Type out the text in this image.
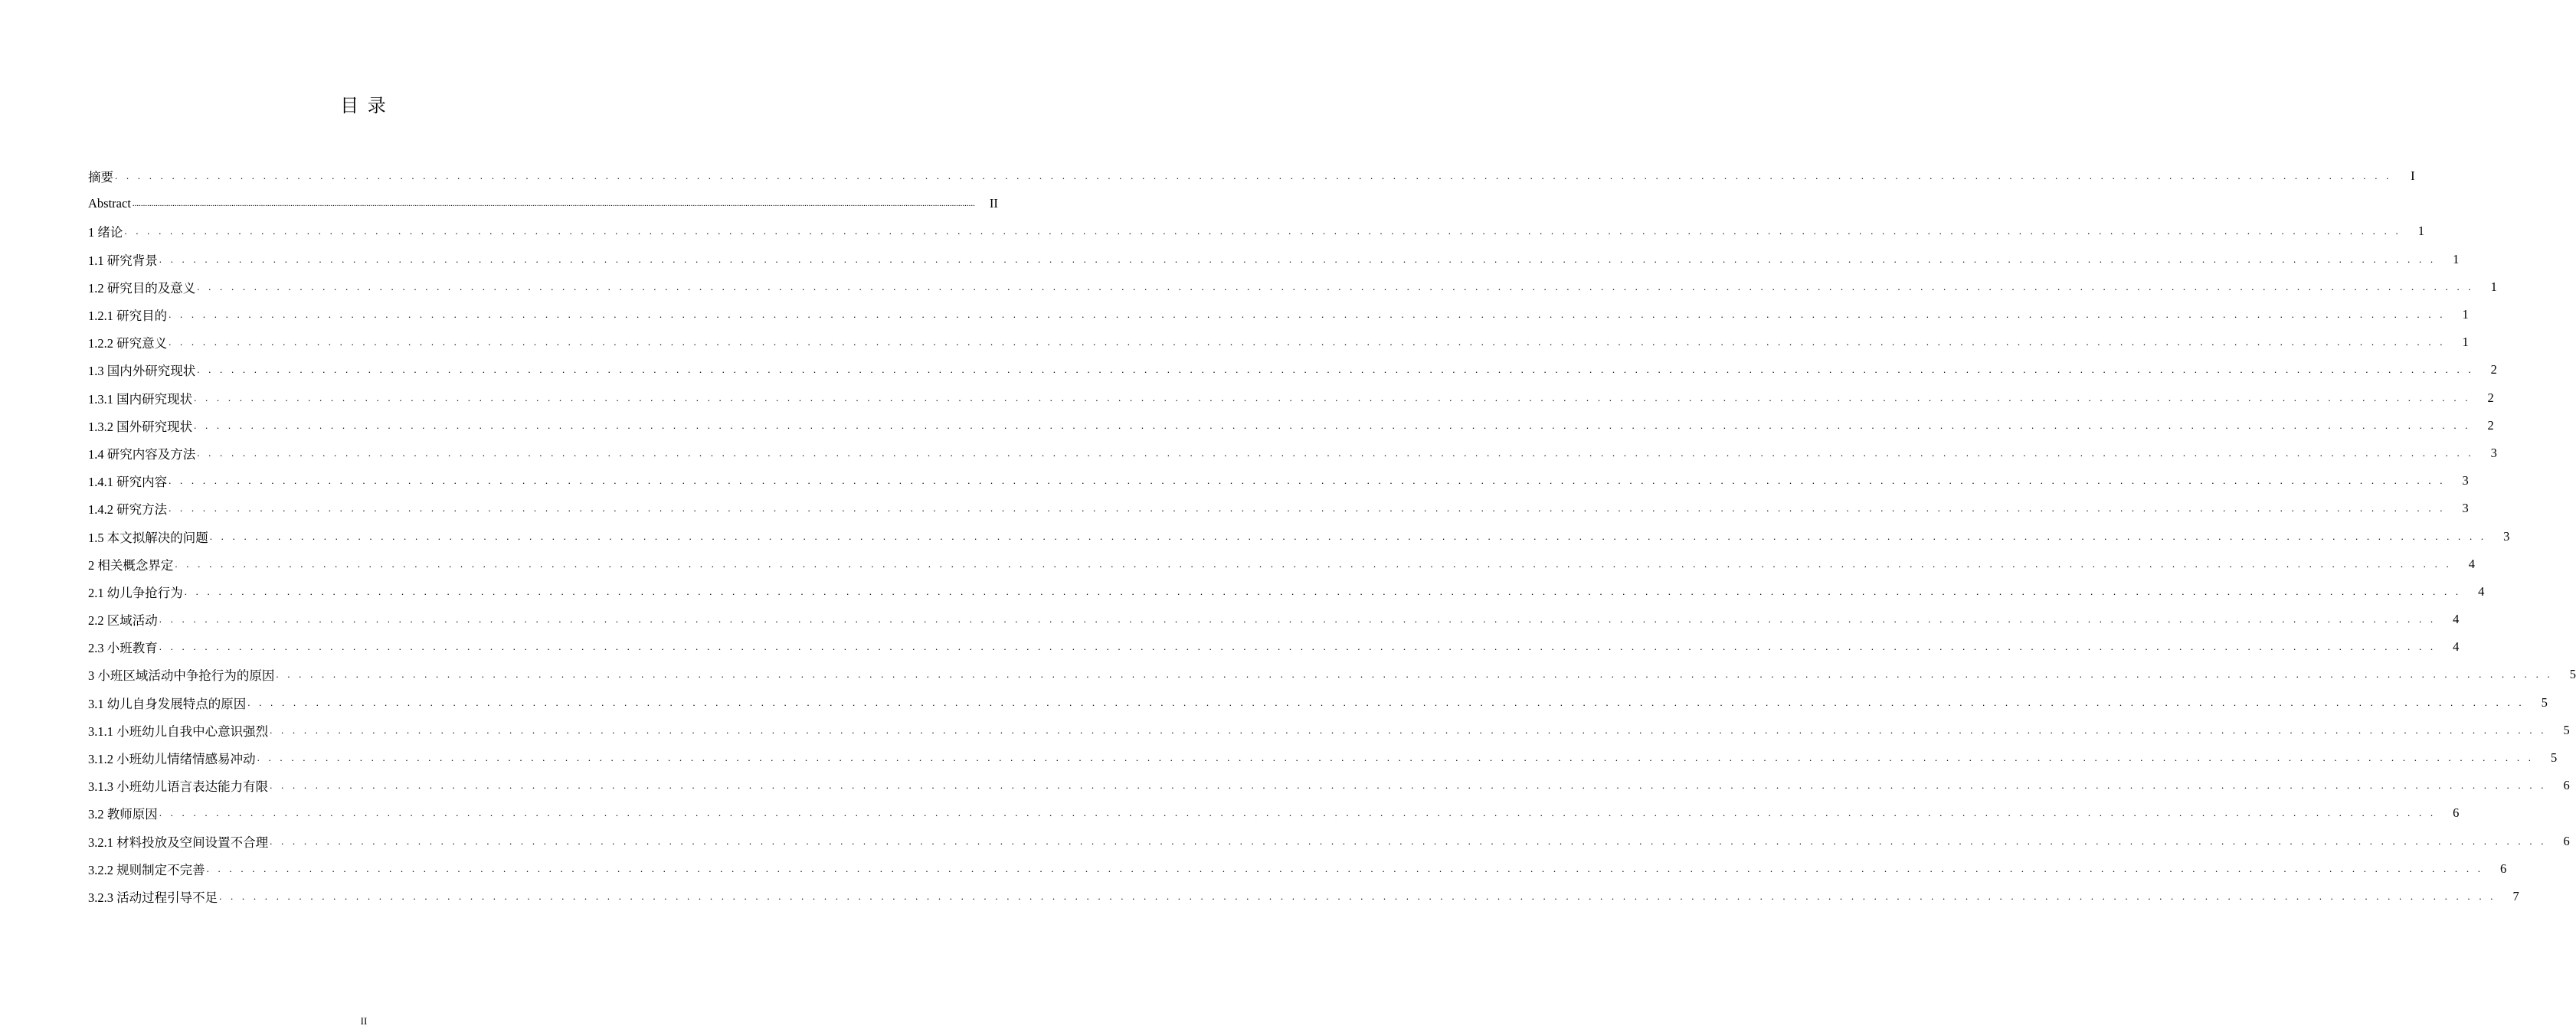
目 录
摘要 . . . . . . . . . . . . . . . . . . . . . . . . . . . . . . . . . . . . . . . . . . . . . . . . . . . . . . . . . . . . . . . . . . . . . . . . . . . . . . . . . . . . . . . . . . . . . . . . . . . . . . . . . . . . . . . . . . . . . . . . . . . . . . . . . . . . . . . . . . . . . . . . . . . . . . . . . . . . . . . . . . . . . . . . . . . . . . . . . . . . . . . . . . . . . . . . . . . . . . . .	I
Abstract ................................................................................................................................................................................................................................................................................................................................................................................................................	II
1 绪论 . . . . . . . . . . . . . . . . . . . . . . . . . . . . . . . . . . . . . . . . . . . . . . . . . . . . . . . . . . . . . . . . . . . . . . . . . . . . . . . . . . . . . . . . . . . . . . . . . . . . . . . . . . . . . . . . . . . . . . . . . . . . . . . . . . . . . . . . . . . . . . . . . . . . . . . . . . . . . . . . . . . . . . . . . . . . . . . . . . . . . . . . . . . . . . . . . . . . . . . .	1
1.1 研究背景 . . . . . . . . . . . . . . . . . . . . . . . . . . . . . . . . . . . . . . . . . . . . . . . . . . . . . . . . . . . . . . . . . . . . . . . . . . . . . . . . . . . . . . . . . . . . . . . . . . . . . . . . . . . . . . . . . . . . . . . . . . . . . . . . . . . . . . . . . . . . . . . . . . . . . . . . . . . . . . . . . . . . . . . . . . . . . . . . . . . . . . . . . . . . . . . . . . . . . . . .	1
1.2 研究目的及意义 . . . . . . . . . . . . . . . . . . . . . . . . . . . . . . . . . . . . . . . . . . . . . . . . . . . . . . . . . . . . . . . . . . . . . . . . . . . . . . . . . . . . . . . . . . . . . . . . . . . . . . . . . . . . . . . . . . . . . . . . . . . . . . . . . . . . . . . . . . . . . . . . . . . . . . . . . . . . . . . . . . . . . . . . . . . . . . . . . . . . . . . . . . . . . . . . . . . . . . . .	1
1.2.1 研究目的 . . . . . . . . . . . . . . . . . . . . . . . . . . . . . . . . . . . . . . . . . . . . . . . . . . . . . . . . . . . . . . . . . . . . . . . . . . . . . . . . . . . . . . . . . . . . . . . . . . . . . . . . . . . . . . . . . . . . . . . . . . . . . . . . . . . . . . . . . . . . . . . . . . . . . . . . . . . . . . . . . . . . . . . . . . . . . . . . . . . . . . . . . . . . . . . . . . . . . . . .	1
1.2.2 研究意义 . . . . . . . . . . . . . . . . . . . . . . . . . . . . . . . . . . . . . . . . . . . . . . . . . . . . . . . . . . . . . . . . . . . . . . . . . . . . . . . . . . . . . . . . . . . . . . . . . . . . . . . . . . . . . . . . . . . . . . . . . . . . . . . . . . . . . . . . . . . . . . . . . . . . . . . . . . . . . . . . . . . . . . . . . . . . . . . . . . . . . . . . . . . . . . . . . . . . . . . .	1
1.3 国内外研究现状 . . . . . . . . . . . . . . . . . . . . . . . . . . . . . . . . . . . . . . . . . . . . . . . . . . . . . . . . . . . . . . . . . . . . . . . . . . . . . . . . . . . . . . . . . . . . . . . . . . . . . . . . . . . . . . . . . . . . . . . . . . . . . . . . . . . . . . . . . . . . . . . . . . . . . . . . . . . . . . . . . . . . . . . . . . . . . . . . . . . . . . . . . . . . . . . . . . . . . . . .	2
1.3.1 国内研究现状 . . . . . . . . . . . . . . . . . . . . . . . . . . . . . . . . . . . . . . . . . . . . . . . . . . . . . . . . . . . . . . . . . . . . . . . . . . . . . . . . . . . . . . . . . . . . . . . . . . . . . . . . . . . . . . . . . . . . . . . . . . . . . . . . . . . . . . . . . . . . . . . . . . . . . . . . . . . . . . . . . . . . . . . . . . . . . . . . . . . . . . . . . . . . . . . . . . . . . . . .	2
1.3.2 国外研究现状 . . . . . . . . . . . . . . . . . . . . . . . . . . . . . . . . . . . . . . . . . . . . . . . . . . . . . . . . . . . . . . . . . . . . . . . . . . . . . . . . . . . . . . . . . . . . . . . . . . . . . . . . . . . . . . . . . . . . . . . . . . . . . . . . . . . . . . . . . . . . . . . . . . . . . . . . . . . . . . . . . . . . . . . . . . . . . . . . . . . . . . . . . . . . . . . . . . . . . . . .	2
1.4 研究内容及方法 . . . . . . . . . . . . . . . . . . . . . . . . . . . . . . . . . . . . . . . . . . . . . . . . . . . . . . . . . . . . . . . . . . . . . . . . . . . . . . . . . . . . . . . . . . . . . . . . . . . . . . . . . . . . . . . . . . . . . . . . . . . . . . . . . . . . . . . . . . . . . . . . . . . . . . . . . . . . . . . . . . . . . . . . . . . . . . . . . . . . . . . . . . . . . . . . . . . . . . . .	3
1.4.1 研究内容 . . . . . . . . . . . . . . . . . . . . . . . . . . . . . . . . . . . . . . . . . . . . . . . . . . . . . . . . . . . . . . . . . . . . . . . . . . . . . . . . . . . . . . . . . . . . . . . . . . . . . . . . . . . . . . . . . . . . . . . . . . . . . . . . . . . . . . . . . . . . . . . . . . . . . . . . . . . . . . . . . . . . . . . . . . . . . . . . . . . . . . . . . . . . . . . . . . . . . . . .	3
1.4.2 研究方法 . . . . . . . . . . . . . . . . . . . . . . . . . . . . . . . . . . . . . . . . . . . . . . . . . . . . . . . . . . . . . . . . . . . . . . . . . . . . . . . . . . . . . . . . . . . . . . . . . . . . . . . . . . . . . . . . . . . . . . . . . . . . . . . . . . . . . . . . . . . . . . . . . . . . . . . . . . . . . . . . . . . . . . . . . . . . . . . . . . . . . . . . . . . . . . . . . . . . . . . .	3
1.5 本文拟解决的问题 . . . . . . . . . . . . . . . . . . . . . . . . . . . . . . . . . . . . . . . . . . . . . . . . . . . . . . . . . . . . . . . . . . . . . . . . . . . . . . . . . . . . . . . . . . . . . . . . . . . . . . . . . . . . . . . . . . . . . . . . . . . . . . . . . . . . . . . . . . . . . . . . . . . . . . . . . . . . . . . . . . . . . . . . . . . . . . . . . . . . . . . . . . . . . . . . . . . . . . . .	3
2 相关概念界定 . . . . . . . . . . . . . . . . . . . . . . . . . . . . . . . . . . . . . . . . . . . . . . . . . . . . . . . . . . . . . . . . . . . . . . . . . . . . . . . . . . . . . . . . . . . . . . . . . . . . . . . . . . . . . . . . . . . . . . . . . . . . . . . . . . . . . . . . . . . . . . . . . . . . . . . . . . . . . . . . . . . . . . . . . . . . . . . . . . . . . . . . . . . . . . . . . . . . . . . .	4
2.1 幼儿争抢行为 . . . . . . . . . . . . . . . . . . . . . . . . . . . . . . . . . . . . . . . . . . . . . . . . . . . . . . . . . . . . . . . . . . . . . . . . . . . . . . . . . . . . . . . . . . . . . . . . . . . . . . . . . . . . . . . . . . . . . . . . . . . . . . . . . . . . . . . . . . . . . . . . . . . . . . . . . . . . . . . . . . . . . . . . . . . . . . . . . . . . . . . . . . . . . . . . . . . . . . . .	4
2.2 区域活动 . . . . . . . . . . . . . . . . . . . . . . . . . . . . . . . . . . . . . . . . . . . . . . . . . . . . . . . . . . . . . . . . . . . . . . . . . . . . . . . . . . . . . . . . . . . . . . . . . . . . . . . . . . . . . . . . . . . . . . . . . . . . . . . . . . . . . . . . . . . . . . . . . . . . . . . . . . . . . . . . . . . . . . . . . . . . . . . . . . . . . . . . . . . . . . . . . . . . . . . .	4
2.3 小班教育 . . . . . . . . . . . . . . . . . . . . . . . . . . . . . . . . . . . . . . . . . . . . . . . . . . . . . . . . . . . . . . . . . . . . . . . . . . . . . . . . . . . . . . . . . . . . . . . . . . . . . . . . . . . . . . . . . . . . . . . . . . . . . . . . . . . . . . . . . . . . . . . . . . . . . . . . . . . . . . . . . . . . . . . . . . . . . . . . . . . . . . . . . . . . . . . . . . . . . . . .	4
3 小班区域活动中争抢行为的原因 . . . . . . . . . . . . . . . . . . . . . . . . . . . . . . . . . . . . . . . . . . . . . . . . . . . . . . . . . . . . . . . . . . . . . . . . . . . . . . . . . . . . . . . . . . . . . . . . . . . . . . . . . . . . . . . . . . . . . . . . . . . . . . . . . . . . . . . . . . . . . . . . . . . . . . . . . . . . . . . . . . . . . . . . . . . . . . . . . . . . . . . . . . . . . . . . . . . . . . . .	5
3.1 幼儿自身发展特点的原因 . . . . . . . . . . . . . . . . . . . . . . . . . . . . . . . . . . . . . . . . . . . . . . . . . . . . . . . . . . . . . . . . . . . . . . . . . . . . . . . . . . . . . . . . . . . . . . . . . . . . . . . . . . . . . . . . . . . . . . . . . . . . . . . . . . . . . . . . . . . . . . . . . . . . . . . . . . . . . . . . . . . . . . . . . . . . . . . . . . . . . . . . . . . . . . . . . . . . . . . .	5
3.1.1 小班幼儿自我中心意识强烈 . . . . . . . . . . . . . . . . . . . . . . . . . . . . . . . . . . . . . . . . . . . . . . . . . . . . . . . . . . . . . . . . . . . . . . . . . . . . . . . . . . . . . . . . . . . . . . . . . . . . . . . . . . . . . . . . . . . . . . . . . . . . . . . . . . . . . . . . . . . . . . . . . . . . . . . . . . . . . . . . . . . . . . . . . . . . . . . . . . . . . . . . . . . . . . . . . . . . . . . .	5
3.1.2 小班幼儿情绪情感易冲动 . . . . . . . . . . . . . . . . . . . . . . . . . . . . . . . . . . . . . . . . . . . . . . . . . . . . . . . . . . . . . . . . . . . . . . . . . . . . . . . . . . . . . . . . . . . . . . . . . . . . . . . . . . . . . . . . . . . . . . . . . . . . . . . . . . . . . . . . . . . . . . . . . . . . . . . . . . . . . . . . . . . . . . . . . . . . . . . . . . . . . . . . . . . . . . . . . . . . . . . .	5
3.1.3 小班幼儿语言表达能力有限 . . . . . . . . . . . . . . . . . . . . . . . . . . . . . . . . . . . . . . . . . . . . . . . . . . . . . . . . . . . . . . . . . . . . . . . . . . . . . . . . . . . . . . . . . . . . . . . . . . . . . . . . . . . . . . . . . . . . . . . . . . . . . . . . . . . . . . . . . . . . . . . . . . . . . . . . . . . . . . . . . . . . . . . . . . . . . . . . . . . . . . . . . . . . . . . . . . . . . . . .	6
3.2 教师原因 . . . . . . . . . . . . . . . . . . . . . . . . . . . . . . . . . . . . . . . . . . . . . . . . . . . . . . . . . . . . . . . . . . . . . . . . . . . . . . . . . . . . . . . . . . . . . . . . . . . . . . . . . . . . . . . . . . . . . . . . . . . . . . . . . . . . . . . . . . . . . . . . . . . . . . . . . . . . . . . . . . . . . . . . . . . . . . . . . . . . . . . . . . . . . . . . . . . . . . . .	6
3.2.1 材料投放及空间设置不合理 . . . . . . . . . . . . . . . . . . . . . . . . . . . . . . . . . . . . . . . . . . . . . . . . . . . . . . . . . . . . . . . . . . . . . . . . . . . . . . . . . . . . . . . . . . . . . . . . . . . . . . . . . . . . . . . . . . . . . . . . . . . . . . . . . . . . . . . . . . . . . . . . . . . . . . . . . . . . . . . . . . . . . . . . . . . . . . . . . . . . . . . . . . . . . . . . . . . . . . . .	6
3.2.2 规则制定不完善 . . . . . . . . . . . . . . . . . . . . . . . . . . . . . . . . . . . . . . . . . . . . . . . . . . . . . . . . . . . . . . . . . . . . . . . . . . . . . . . . . . . . . . . . . . . . . . . . . . . . . . . . . . . . . . . . . . . . . . . . . . . . . . . . . . . . . . . . . . . . . . . . . . . . . . . . . . . . . . . . . . . . . . . . . . . . . . . . . . . . . . . . . . . . . . . . . . . . . . . .	6
3.2.3 活动过程引导不足 . . . . . . . . . . . . . . . . . . . . . . . . . . . . . . . . . . . . . . . . . . . . . . . . . . . . . . . . . . . . . . . . . . . . . . . . . . . . . . . . . . . . . . . . . . . . . . . . . . . . . . . . . . . . . . . . . . . . . . . . . . . . . . . . . . . . . . . . . . . . . . . . . . . . . . . . . . . . . . . . . . . . . . . . . . . . . . . . . . . . . . . . . . . . . . . . . . . . . . . .	7
II
